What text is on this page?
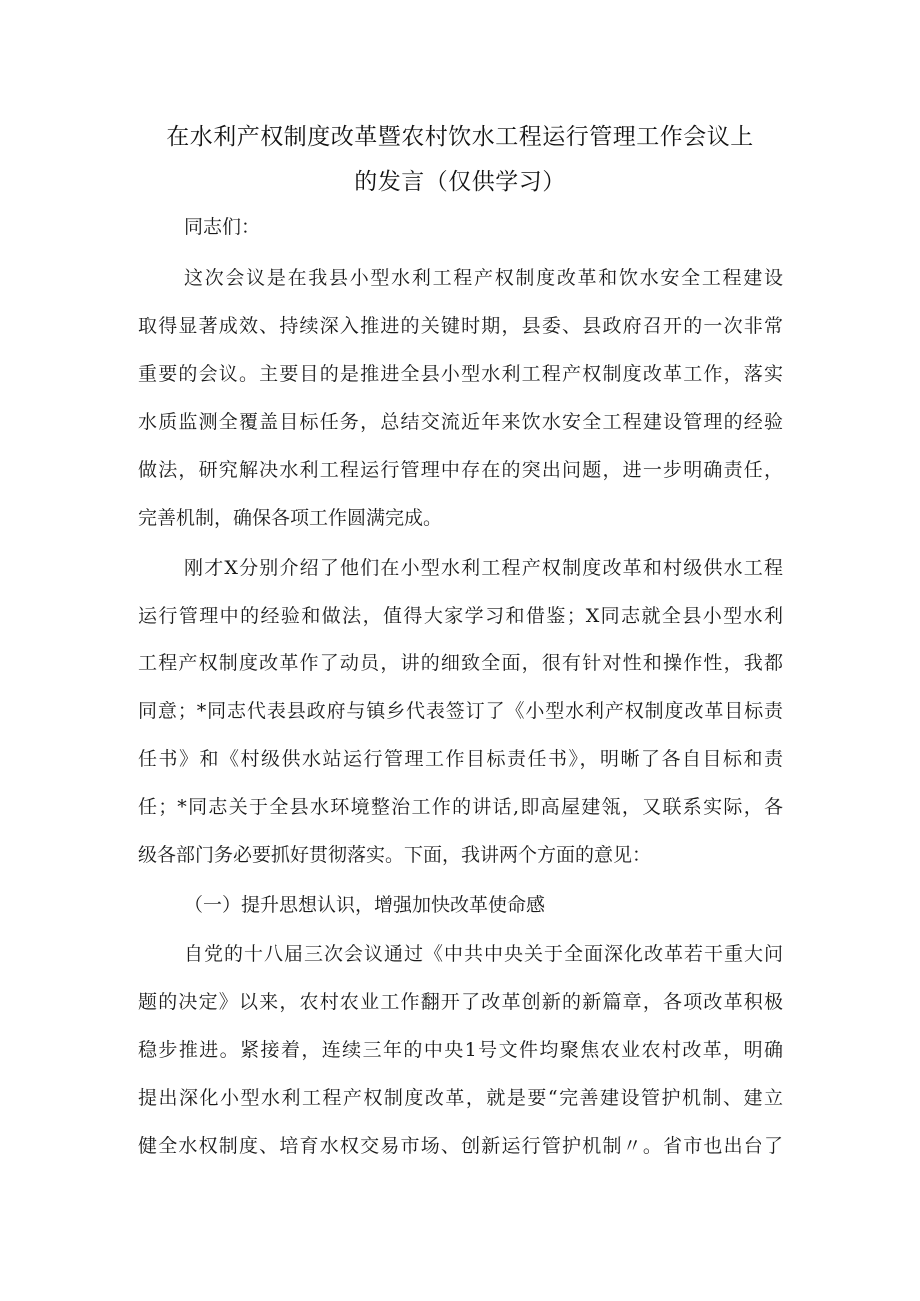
在水利产权制度改革暨农村饮水工程运行管理工作会议上
的发言（仅供学习）
同志们：
这次会议是在我县小型水利工程产权制度改革和饮水安全工程建设
取得显著成效、持续深入推进的关键时期，县委、县政府召开的一次非常
重要的会议。主要目的是推进全县小型水利工程产权制度改革工作，落实
水质监测全覆盖目标任务，总结交流近年来饮水安全工程建设管理的经验
做法，研究解决水利工程运行管理中存在的突出问题，进一步明确责任，
完善机制，确保各项工作圆满完成。
刚才X分别介绍了他们在小型水利工程产权制度改革和村级供水工程
运行管理中的经验和做法，值得大家学习和借鉴；X同志就全县小型水利
工程产权制度改革作了动员，讲的细致全面，很有针对性和操作性，我都
同意；*同志代表县政府与镇乡代表签订了《小型水利产权制度改革目标责
任书》和《村级供水站运行管理工作目标责任书》，明晰了各自目标和责
任；*同志关于全县水环境整治工作的讲话,即高屋建瓴，又联系实际，各
级各部门务必要抓好贯彻落实。下面，我讲两个方面的意见：
（一）提升思想认识，增强加快改革使命感
自党的十八届三次会议通过《中共中央关于全面深化改革若干重大问
题的决定》以来，农村农业工作翻开了改革创新的新篇章，各项改革积极
稳步推进。紧接着，连续三年的中央1号文件均聚焦农业农村改革，明确
提出深化小型水利工程产权制度改革，就是要“完善建设管护机制、建立
健全水权制度、培育水权交易市场、创新运行管护机制〃。省市也出台了
